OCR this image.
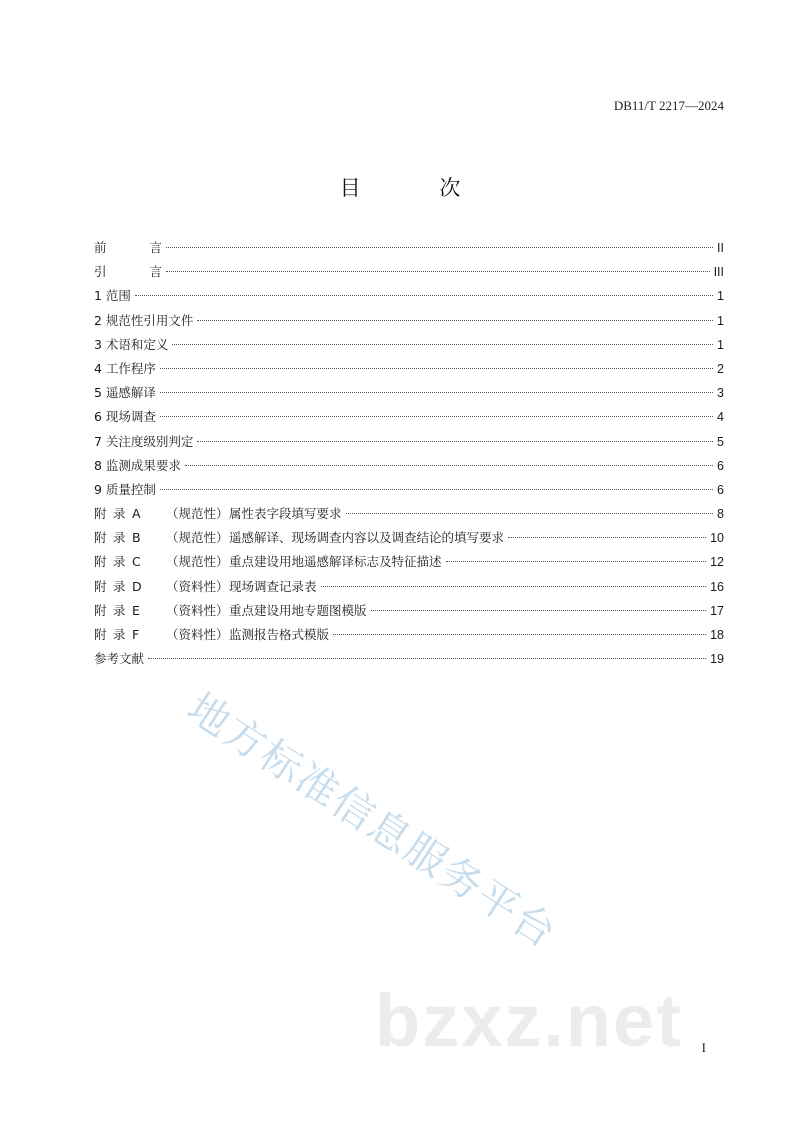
DB11/T 2217—2024
目 次
前	言	II
引	言	III
1 范围	1
2 规范性引用文件	1
3 术语和定义	1
4 工作程序	2
5 遥感解译	3
6 现场调查	4
7 关注度级别判定	5
8 监测成果要求	6
9 质量控制	6
附 录 A	（规范性） 属性表字段填写要求	8
附 录 B	（规范性） 遥感解译、现场调查内容以及调查结论的填写要求	10
附 录 C	（规范性） 重点建设用地遥感解译标志及特征描述	12
附 录 D	（资料性） 现场调查记录表	16
附 录 E	（资料性） 重点建设用地专题图模版	17
附 录 F	（资料性） 监测报告格式模版	18
参考文献	19
地方标准信息服务平台
bzxz.net I
